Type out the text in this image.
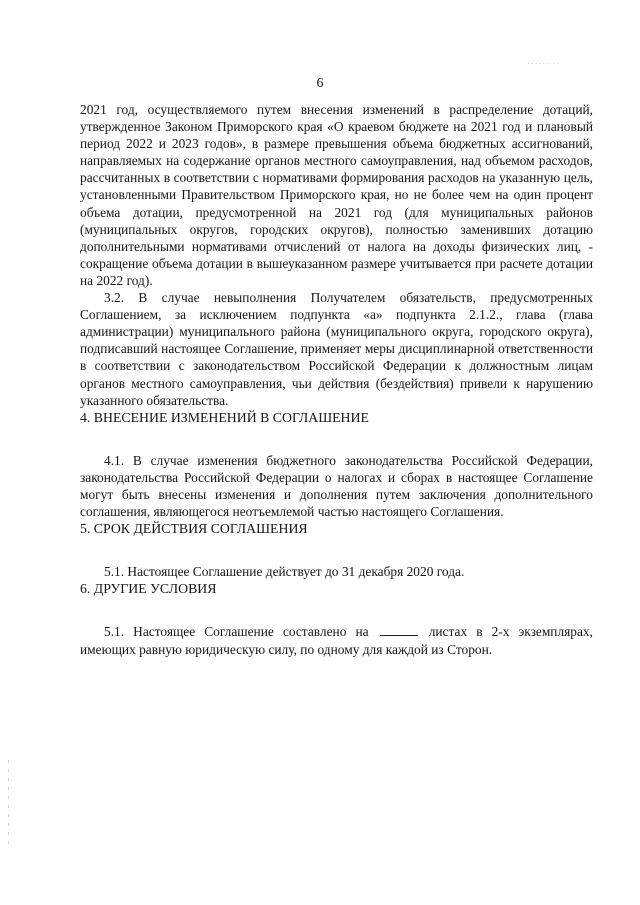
· · · · · · · · ·
6

2021 год, осуществляемого путем внесения изменений в распределение дотаций, утвержденное Законом Приморского края «О краевом бюджете на 2021 год и плановый период 2022 и 2023 годов», в размере превышения объема бюджетных ассигнований, направляемых на содержание органов местного самоуправления, над объемом расходов, рассчитанных в соответствии с нормативами формирования расходов на указанную цель, установленными Правительством Приморского края, но не более чем на один процент объема дотации, предусмотренной на 2021 год (для муниципальных районов (муниципальных округов, городских округов), полностью заменивших дотацию дополнительными нормативами отчислений от налога на доходы физических лиц, - сокращение объема дотации в вышеуказанном размере учитывается при расчете дотации на 2022 год).

3.2. В случае невыполнения Получателем обязательств, предусмотренных Соглашением, за исключением подпункта «а» подпункта 2.1.2., глава (глава администрации) муниципального района (муниципального округа, городского округа), подписавший настоящее Соглашение, применяет меры дисциплинарной ответственности в соответствии с законодательством Российской Федерации к должностным лицам органов местного самоуправления, чьи действия (бездействия) привели к нарушению указанного обязательства.

4. ВНЕСЕНИЕ ИЗМЕНЕНИЙ В СОГЛАШЕНИЕ

4.1. В случае изменения бюджетного законодательства Российской Федерации, законодательства Российской Федерации о налогах и сборах в настоящее Соглашение могут быть внесены изменения и дополнения путем заключения дополнительного соглашения, являющегося неотъемлемой частью настоящего Соглашения.

5. СРОК ДЕЙСТВИЯ СОГЛАШЕНИЯ

5.1. Настоящее Соглашение действует до 31 декабря 2020 года.

6. ДРУГИЕ УСЛОВИЯ

5.1. Настоящее Соглашение составлено на	листах в 2-х экземплярах, имеющих равную юридическую силу, по одному для каждой из Сторон.
